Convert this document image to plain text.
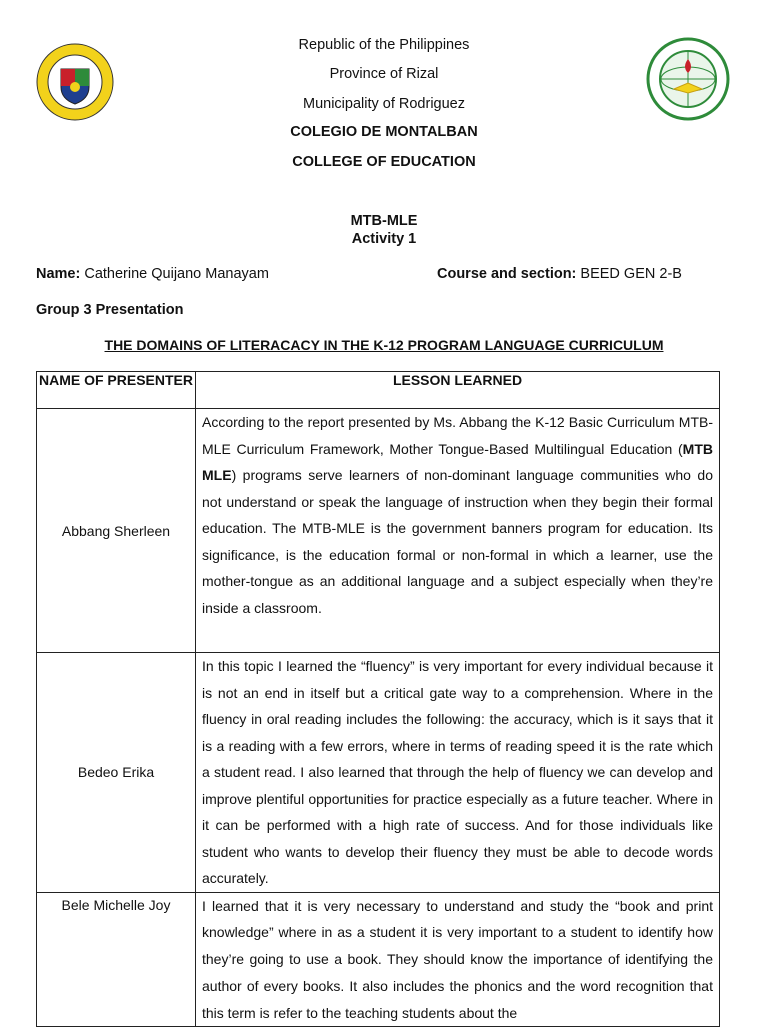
Republic of the Philippines
Province of Rizal
Municipality of Rodriguez
COLEGIO DE MONTALBAN
COLLEGE OF EDUCATION
MTB-MLE
Activity 1
Name: Catherine Quijano Manayam	Course and section: BEED GEN 2-B
Group 3 Presentation
THE DOMAINS OF LITERACACY IN THE K-12 PROGRAM LANGUAGE CURRICULUM
NAME OF PRESENTER	LESSON LEARNED
Abbang Sherleen	According to the report presented by Ms. Abbang the K-12 Basic Curriculum MTB-MLE Curriculum Framework, Mother Tongue-Based Multilingual Education (MTB MLE) programs serve learners of non-dominant language communities who do not understand or speak the language of instruction when they begin their formal education. The MTB-MLE is the government banners program for education. Its significance, is the education formal or non-formal in which a learner, use the mother-tongue as an additional language and a subject especially when they’re inside a classroom.
Bedeo Erika	In this topic I learned the “fluency” is very important for every individual because it is not an end in itself but a critical gate way to a comprehension. Where in the fluency in oral reading includes the following: the accuracy, which is it says that it is a reading with a few errors, where in terms of reading speed it is the rate which a student read. I also learned that through the help of fluency we can develop and improve plentiful opportunities for practice especially as a future teacher. Where in it can be performed with a high rate of success. And for those individuals like student who wants to develop their fluency they must be able to decode words accurately.
Bele Michelle Joy	I learned that it is very necessary to understand and study the “book and print knowledge” where in as a student it is very important to a student to identify how they’re going to use a book. They should know the importance of identifying the author of every books. It also includes the phonics and the word recognition that this term is refer to the teaching students about the
